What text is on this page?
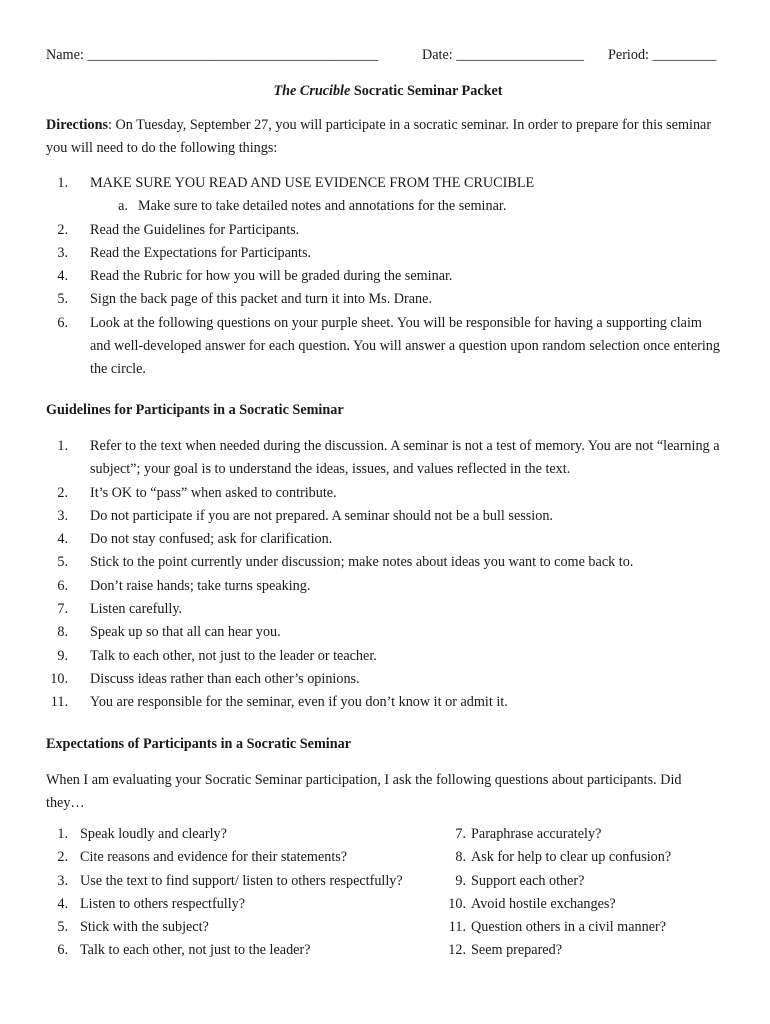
Name: _________________________________________	Date: __________________ Period: _________
The Crucible Socratic Seminar Packet
Directions: On Tuesday, September 27, you will participate in a socratic seminar. In order to prepare for this seminar you will need to do the following things:
1.	MAKE SURE YOU READ AND USE EVIDENCE FROM THE CRUCIBLE
a. Make sure to take detailed notes and annotations for the seminar.
2.	Read the Guidelines for Participants.
3.	Read the Expectations for Participants.
4.	Read the Rubric for how you will be graded during the seminar.
5.	Sign the back page of this packet and turn it into Ms. Drane.
6.	Look at the following questions on your purple sheet. You will be responsible for having a supporting claim and well-developed answer for each question. You will answer a question upon random selection once entering the circle.
Guidelines for Participants in a Socratic Seminar
1.	Refer to the text when needed during the discussion. A seminar is not a test of memory. You are not “learning a subject”; your goal is to understand the ideas, issues, and values reflected in the text.
2.	It’s OK to “pass” when asked to contribute.
3.	Do not participate if you are not prepared. A seminar should not be a bull session.
4.	Do not stay confused; ask for clarification.
5.	Stick to the point currently under discussion; make notes about ideas you want to come back to.
6.	Don’t raise hands; take turns speaking.
7.	Listen carefully.
8.	Speak up so that all can hear you.
9.	Talk to each other, not just to the leader or teacher.
10.	Discuss ideas rather than each other’s opinions.
11.	You are responsible for the seminar, even if you don’t know it or admit it.
Expectations of Participants in a Socratic Seminar
When I am evaluating your Socratic Seminar participation, I ask the following questions about participants. Did they…
1. Speak loudly and clearly?
2. Cite reasons and evidence for their statements?
3. Use the text to find support/ listen to others respectfully?
4. Listen to others respectfully?
5. Stick with the subject?
6. Talk to each other, not just to the leader?
7. Paraphrase accurately?
8. Ask for help to clear up confusion?
9. Support each other?
10. Avoid hostile exchanges?
11. Question others in a civil manner?
12. Seem prepared?
